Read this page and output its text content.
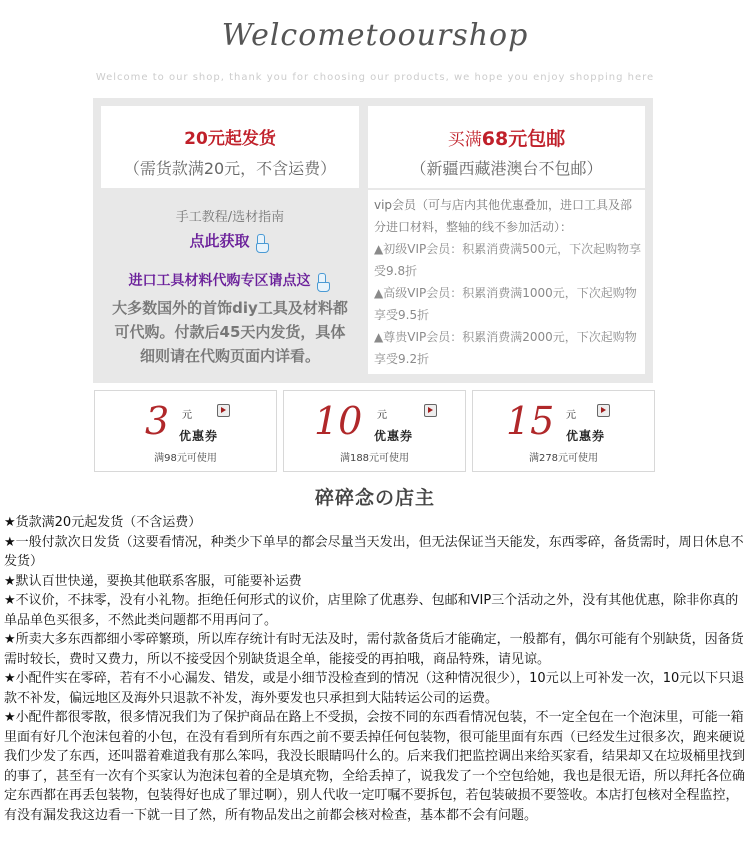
Welcometoourshop
Welcome to our shop, thank you for choosing our products, we hope you enjoy shopping here
20元起发货
（需货款满20元，不含运费）
买满68元包邮
（新疆西藏港澳台不包邮）
手工教程/选材指南
点此获取
进口工具材料代购专区请点这
大多数国外的首饰diy工具及材料都可代购。付款后45天内发货，具体细则请在代购页面内详看。
vip会员（可与店内其他优惠叠加，进口工具及部分进口材料，整轴的线不参加活动）：
▲初级VIP会员：积累消费满500元，下次起购物享受9.8折
▲高级VIP会员：积累消费满1000元，下次起购物享受9.5折
▲尊贵VIP会员：积累消费满2000元，下次起购物享受9.2折
3 元
优惠券
满98元可使用
10 元
优惠券
满188元可使用
15 元
优惠券
满278元可使用
碎碎念の店主

★货款满20元起发货（不含运费）

★一般付款次日发货（这要看情况，种类少下单早的都会尽量当天发出，但无法保证当天能发，东西零碎，备货需时，周日休息不发货）

★默认百世快递，要换其他联系客服，可能要补运费

★不议价，不抹零，没有小礼物。拒绝任何形式的议价，店里除了优惠券、包邮和VIP三个活动之外，没有其他优惠，除非你真的单品单色买很多，不然此类问题都不用再问了。

★所卖大多东西都细小零碎繁琐，所以库存统计有时无法及时，需付款备货后才能确定，一般都有，偶尔可能有个别缺货，因备货需时较长，费时又费力，所以不接受因个别缺货退全单，能接受的再拍哦，商品特殊，请见谅。

★小配件实在零碎，若有不小心漏发、错发，或是小细节没检查到的情况（这种情况很少），10元以上可补发一次，10元以下只退款不补发，偏远地区及海外只退款不补发，海外要发也只承担到大陆转运公司的运费。

★小配件都很零散，很多情况我们为了保护商品在路上不受损，会按不同的东西看情况包装，不一定全包在一个泡沫里，可能一箱里面有好几个泡沫包着的小包，在没有看到所有东西之前不要丢掉任何包装物，很可能里面有东西（已经发生过很多次，跑来硬说我们少发了东西，还叫嚣着难道我有那么笨吗，我没长眼睛吗什么的。后来我们把监控调出来给买家看，结果却又在垃圾桶里找到的事了，甚至有一次有个买家认为泡沫包着的全是填充物，全给丢掉了，说我发了一个空包给她，我也是很无语，所以拜托各位确定东西都在再丢包装物，包装得好也成了罪过啊），别人代收一定叮嘱不要拆包，若包装破损不要签收。本店打包核对全程监控，有没有漏发我这边看一下就一目了然，所有物品发出之前都会核对检查，基本都不会有问题。
